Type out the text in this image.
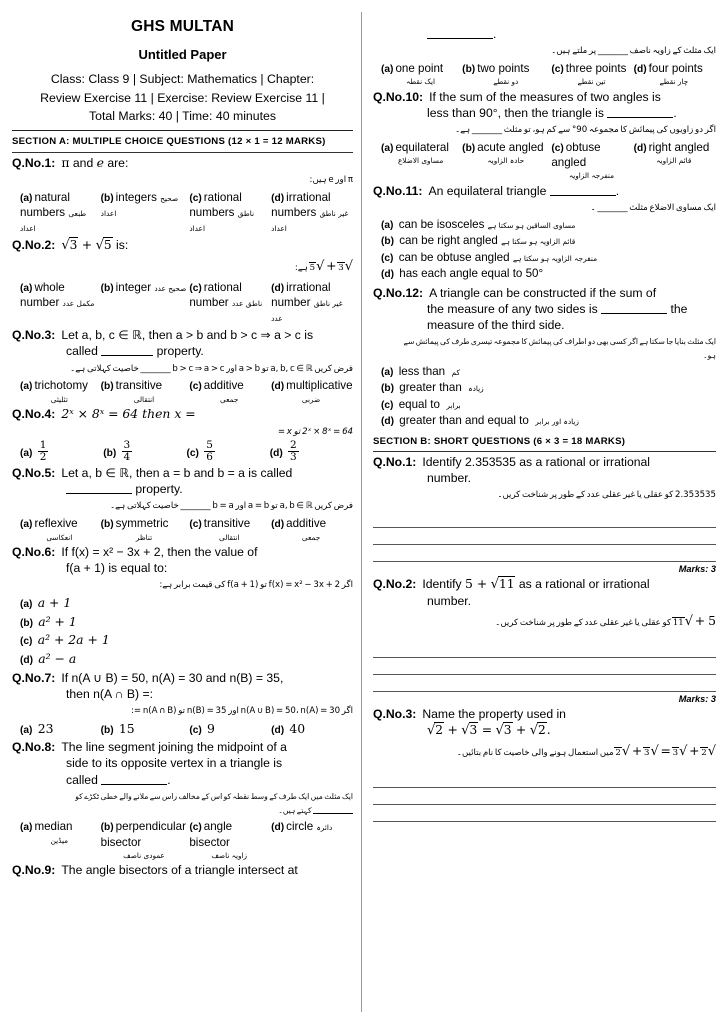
GHS MULTAN
Untitled Paper
Class: Class 9 | Subject: Mathematics | Chapter:
Review Exercise 11 | Exercise: Review Exercise 11 |
Total Marks: 40 | Time: 40 minutes
SECTION A: MULTIPLE CHOICE QUESTIONS (12 × 1 = 12 MARKS)
Q.No.1: π and e are:
π اور e ہیں:
(a) natural numbers طبعی اعداد
(b) integers صحیح اعداد
(c) rational numbers ناطق اعداد
(d) irrational numbers غیر ناطق اعداد
Q.No.2: √3 + √5 is:
√3 + √5 ہے:
(a) whole number مکمل عدد
(b) integer صحیح عدد (c) rational number ناطق عدد
(d) irrational number غیر ناطق عدد
Q.No.3: Let a, b, c ∈ ℝ, then a > b and b > c ⇒ a > c is
called	property.
فرض کریں a, b, c ∈ ℝ تو a > b اور b > c ⇒ a > c _______ خاصیت کہلاتی ہے۔
(a) trichotomy
تثلیثی
(b) transitive
انتقالی
(c) additive
جمعی
(d) multiplicative
ضربی
Q.No.4: 2ˣ × 8ˣ = 64 then x =
2ˣ × 8ˣ = 64 تو x =
$(a) \frac{1}{2}$	$(b) \frac{3}{4}$	$(c) \frac{5}{6}$	$(d) \frac{2}{3}$
Q.No.5: Let a, b ∈ ℝ, then a = b and b = a is called
property.
فرض کریں a, b ∈ ℝ تو a = b اور b = a _______ خاصیت کہلاتی ہے۔
(a) reflexive
انعکاسی
(b) symmetric
تناظر
(c) transitive
انتقالی
(d) additive
جمعی
Q.No.6: If f(x) = x² − 3x + 2, then the value of
f(a + 1) is equal to:
اگر f(x) = x² − 3x + 2 تو f(a + 1) کی قیمت برابر ہے:
(a) a + 1
(b) a² + 1
(c) a² + 2a + 1
(d) a² − a
Q.No.7: If n(A ∪ B) = 50, n(A) = 30 and n(B) = 35,
then n(A ∩ B) =:
اگر n(A ∪ B) = 50، n(A) = 30 اور n(B) = 35 تو n(A ∩ B) =:
(a) 23	(b) 15	(c) 9	(d) 40
Q.No.8: The line segment joining the midpoint of a
side to its opposite vertex in a triangle is
called	.
ایک مثلث میں ایک طرف کے وسط نقطہ کو اس کے مخالف راس سے ملانے والے خطی ٹکڑے کو
کہتے ہیں۔
(a) median
میڈین
(b) perpendicular bisector
عمودی ناصف
(c) angle bisector
زاویہ ناصف
(d) circle دائرہ
Q.No.9: The angle bisectors of a triangle intersect at
.
ایک مثلث کے زاویہ ناصف _______ پر ملتے ہیں۔
(a) one point
ایک نقطہ
(b) two points
دو نقطے
(c) three points
تین نقطے
(d) four points
چار نقطے
Q.No.10: If the sum of the measures of two angles is
less than 90°, then the triangle is	.
اگر دو زاویوں کی پیمائش کا مجموعہ 90° سے کم ہو، تو مثلث _______ ہے۔
(a) equilateral
مساوی الاضلاع
(b) acute angled
حادہ الزاویہ
(c) obtuse angled
منفرجہ الزاویہ
(d) right angled
قائم الزاویہ
Q.No.11: An equilateral triangle	.
ایک مساوی الاضلاع مثلث _______ ۔
(a) can be isosceles مساوی الساقین ہو سکتا ہے
(b) can be right angled قائم الزاویہ ہو سکتا ہے
(c) can be obtuse angled منفرجہ الزاویہ ہو سکتا ہے
(d) has each angle equal to 50°
Q.No.12: A triangle can be constructed if the sum of
the measure of any two sides is	the
measure of the third side.
ایک مثلث بنایا جا سکتا ہے اگر کسی بھی دو اطراف کی پیمائش کا مجموعہ تیسری طرف کی پیمائش سے
ہو۔
(a) less than کم
(b) greater than زیادہ
(c) equal to برابر
(d) greater than and equal to زیادہ اور برابر
SECTION B: SHORT QUESTIONS (6 × 3 = 18 MARKS)
Q.No.1: Identify 2.353535 as a rational or irrational
number.
2.353535 کو عقلی یا غیر عقلی عدد کے طور پر شناخت کریں۔
Marks: 3
Q.No.2: Identify 5 + √11 as a rational or irrational
number.
5 + √11 کو عقلی یا غیر عقلی عدد کے طور پر شناخت کریں۔
Marks: 3
Q.No.3: Name the property used in
√2 + √3 = √3 + √2.
√2 + √3 = √3 + √2 میں استعمال ہونے والی خاصیت کا نام بتائیں۔
